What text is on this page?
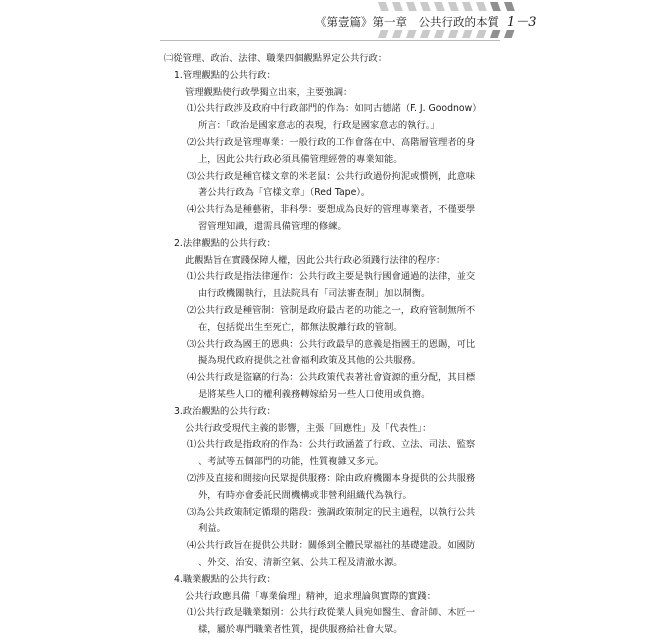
《第壹篇》第一章　公共行政的本質 1－3
㈡從管理、政治、法律、職業四個觀點界定公共行政：
1.管理觀點的公共行政：
管理觀點使行政學獨立出來，主要強調：
⑴公共行政涉及政府中行政部門的作為：如同古德諾（F. J. Goodnow）
所言：「政治是國家意志的表現，行政是國家意志的執行。」
⑵公共行政是管理專業：一般行政的工作會落在中、高階層管理者的身
上，因此公共行政必須具備管理經營的專業知能。
⑶公共行政是種官樣文章的米老鼠：公共行政過份拘泥或慣例，此意味
著公共行政為「官樣文章」（Red Tape）。
⑷公共行為是種藝術，非科學：要想成為良好的管理專業者，不僅要學
習管理知識，還需具備管理的修練。
2.法律觀點的公共行政：
此觀點旨在實踐保障人權，因此公共行政必須踐行法律的程序：
⑴公共行政是指法律運作：公共行政主要是執行國會通過的法律，並交
由行政機關執行，且法院具有「司法審查制」加以制衡。
⑵公共行政是種管制：管制是政府最古老的功能之一，政府管制無所不
在，包括從出生至死亡，都無法脫離行政的管制。
⑶公共行政為國王的恩典：公共行政最早的意義是指國王的恩賜，可比
擬為現代政府提供之社會福利政策及其他的公共服務。
⑷公共行政是盜竊的行為：公共政策代表著社會資源的重分配，其目標
是將某些人口的權利義務轉嫁給另一些人口使用或負擔。
3.政治觀點的公共行政：
公共行政受現代主義的影響，主張「回應性」及「代表性」：
⑴公共行政是指政府的作為：公共行政涵蓋了行政、立法、司法、監察
、考試等五個部門的功能，性質複雜又多元。
⑵涉及直接和間接向民眾提供服務：除由政府機關本身提供的公共服務
外，有時亦會委託民間機構或非營利組織代為執行。
⑶為公共政策制定循環的階段：強調政策制定的民主過程，以執行公共
利益。
⑷公共行政旨在提供公共財：關係到全體民眾福社的基礎建設。如國防
、外交、治安、清新空氣、公共工程及清澈水源。
4.職業觀點的公共行政：
公共行政應具備「專業倫理」精神，追求理論與實際的實踐：
⑴公共行政是職業類別：公共行政從業人員宛如醫生、會計師、木匠一
樣，屬於專門職業者性質，提供服務給社會大眾。
